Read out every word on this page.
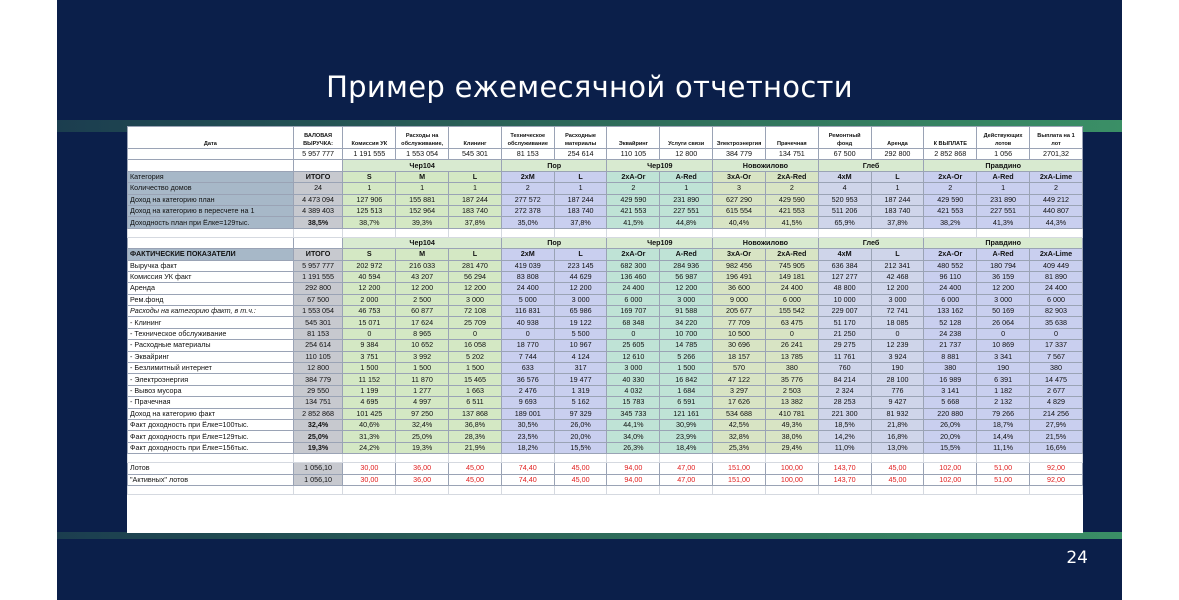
Пример ежемесячной отчетности
Дата	ВАЛОВАЯ ВЫРУЧКА:	Комиссия УК	Расходы на обслуживание,	Клининг	Техническое обслуживание	Расходные материалы	Эквайринг	Услуги связи	Электроэнергия	Прачечная	Ремонтный фонд	Аренда	К ВЫПЛАТЕ	Действующих лотов	Выплата на 1 лот
	5 957 777	1 191 555	1 553 054	545 301	81 153	254 614	110 105	12 800	384 779	134 751	67 500	292 800	2 852 868	1 056	2701,32
		Чер104			Пор		Чер109		Новожилово		Глеб		Правдино		
Категория	ИТОГО	S	M	L	2xM	L	2xA-Or	A-Red	3xA-Or	2xA-Red	4xM	L	2xA-Or	A-Red	2xA-Lime
Количество домов	24	1	1	1	2	1	2	1	3	2	4	1	2	1	2
Доход на категорию план	4 473 094	127 906	155 881	187 244	277 572	187 244	429 590	231 890	627 290	429 590	520 953	187 244	429 590	231 890	449 212
Доход на категорию в пересчете на 1	4 389 403	125 513	152 964	183 740	272 378	183 740	421 553	227 551	615 554	421 553	511 206	183 740	421 553	227 551	440 807
Доходность план при Ёлке=129тыс.	38,5%	38,7%	39,3%	37,8%	35,0%	37,8%	41,5%	44,8%	40,4%	41,5%	65,9%	37,8%	38,2%	41,3%	44,3%

		Чер104			Пор		Чер109		Новожилово		Глеб		Правдино		
ФАКТИЧЕСКИЕ ПОКАЗАТЕЛИ	ИТОГО	S	M	L	2xM	L	2xA-Or	A-Red	3xA-Or	2xA-Red	4xM	L	2xA-Or	A-Red	2xA-Lime
Выручка факт	5 957 777	202 972	216 033	281 470	419 039	223 145	682 300	284 936	982 456	745 905	636 384	212 341	480 552	180 794	409 449
Комиссия УК факт	1 191 555	40 594	43 207	56 294	83 808	44 629	136 460	56 987	196 491	149 181	127 277	42 468	96 110	36 159	81 890
Аренда	292 800	12 200	12 200	12 200	24 400	12 200	24 400	12 200	36 600	24 400	48 800	12 200	24 400	12 200	24 400
Рем.фонд	67 500	2 000	2 500	3 000	5 000	3 000	6 000	3 000	9 000	6 000	10 000	3 000	6 000	3 000	6 000
Расходы на категорию факт, в т.ч.:	1 553 054	46 753	60 877	72 108	116 831	65 986	169 707	91 588	205 677	155 542	229 007	72 741	133 162	50 169	82 903
- Клининг	545 301	15 071	17 624	25 709	40 938	19 122	68 348	34 220	77 709	63 475	51 170	18 085	52 128	26 064	35 638
- Техническое обслуживание	81 153	0	8 965	0	0	5 500	0	10 700	10 500	0	21 250	0	24 238	0	0
- Расходные материалы	254 614	9 384	10 652	16 058	18 770	10 967	25 605	14 785	30 696	26 241	29 275	12 239	21 737	10 869	17 337
- Эквайринг	110 105	3 751	3 992	5 202	7 744	4 124	12 610	5 266	18 157	13 785	11 761	3 924	8 881	3 341	7 567
- Безлимитный интернет	12 800	1 500	1 500	1 500	633	317	3 000	1 500	570	380	760	190	380	190	380
- Электроэнергия	384 779	11 152	11 870	15 465	36 576	19 477	40 330	16 842	47 122	35 776	84 214	28 100	16 989	6 391	14 475
- Вывоз мусора	29 550	1 199	1 277	1 663	2 476	1 319	4 032	1 684	3 297	2 503	2 324	776	3 141	1 182	2 677
- Прачечная	134 751	4 695	4 997	6 511	9 693	5 162	15 783	6 591	17 626	13 382	28 253	9 427	5 668	2 132	4 829
Доход на категорию факт	2 852 868	101 425	97 250	137 868	189 001	97 329	345 733	121 161	534 688	410 781	221 300	81 932	220 880	79 266	214 256
Факт доходность при Ёлке=100тыс.	32,4%	40,6%	32,4%	36,8%	30,5%	26,0%	44,1%	30,9%	42,5%	49,3%	18,5%	21,8%	26,0%	18,7%	27,9%
Факт доходность при Ёлке=129тыс.	25,0%	31,3%	25,0%	28,3%	23,5%	20,0%	34,0%	23,9%	32,8%	38,0%	14,2%	16,8%	20,0%	14,4%	21,5%
Факт доходность при Ёлке=156тыс.	19,3%	24,2%	19,3%	21,9%	18,2%	15,5%	26,3%	18,4%	25,3%	29,4%	11,0%	13,0%	15,5%	11,1%	16,6%

Лотов	1 056,10	30,00	36,00	45,00	74,40	45,00	94,00	47,00	151,00	100,00	143,70	45,00	102,00	51,00	92,00
"Активных" лотов	1 056,10	30,00	36,00	45,00	74,40	45,00	94,00	47,00	151,00	100,00	143,70	45,00	102,00	51,00	92,00

24
